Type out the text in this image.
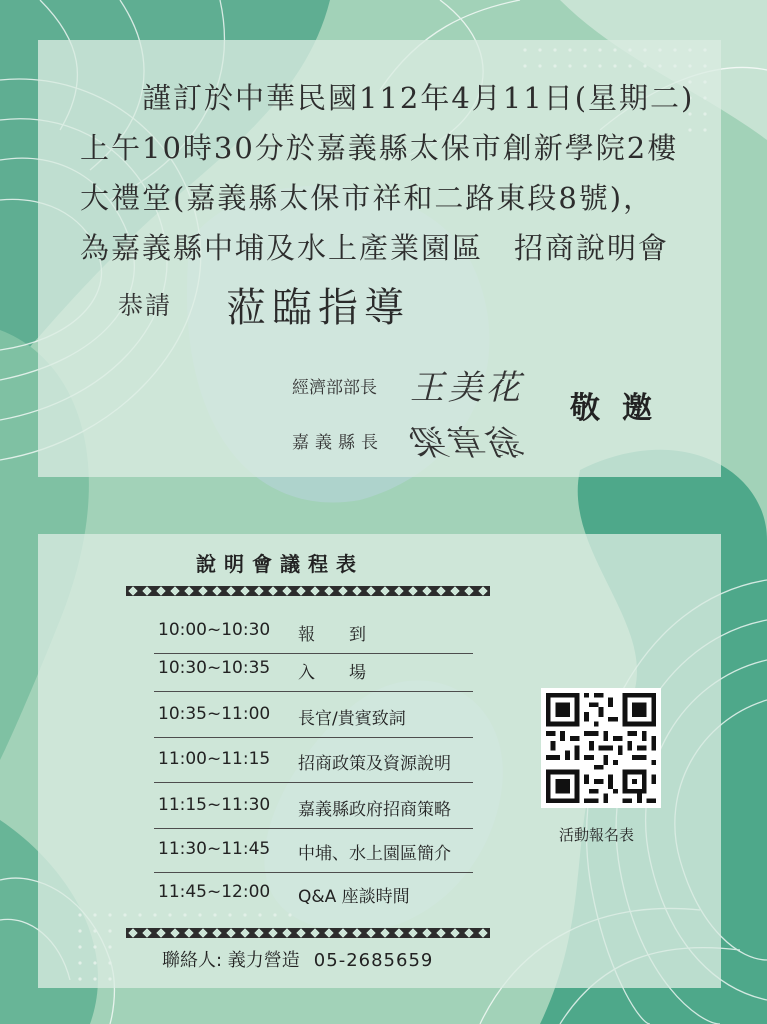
謹訂於中華民國112年4月11日(星期二)
上午10時30分於嘉義縣太保市創新學院2樓
大禮堂(嘉義縣太保市祥和二路東段8號)，
為嘉義縣中埔及水上產業園區　招商說明會
恭請 蒞臨指導
經濟部部長 王美花
嘉義縣長 翁章梁
敬邀
說明會議程表
10:00~10:30 報　　到
10:30~10:35 入　　場
10:35~11:00 長官/貴賓致詞
11:00~11:15 招商政策及資源說明
11:15~11:30 嘉義縣政府招商策略
11:30~11:45 中埔、水上園區簡介
11:45~12:00 Q&A 座談時間
活動報名表
聯絡人: 義力營造 05-2685659
